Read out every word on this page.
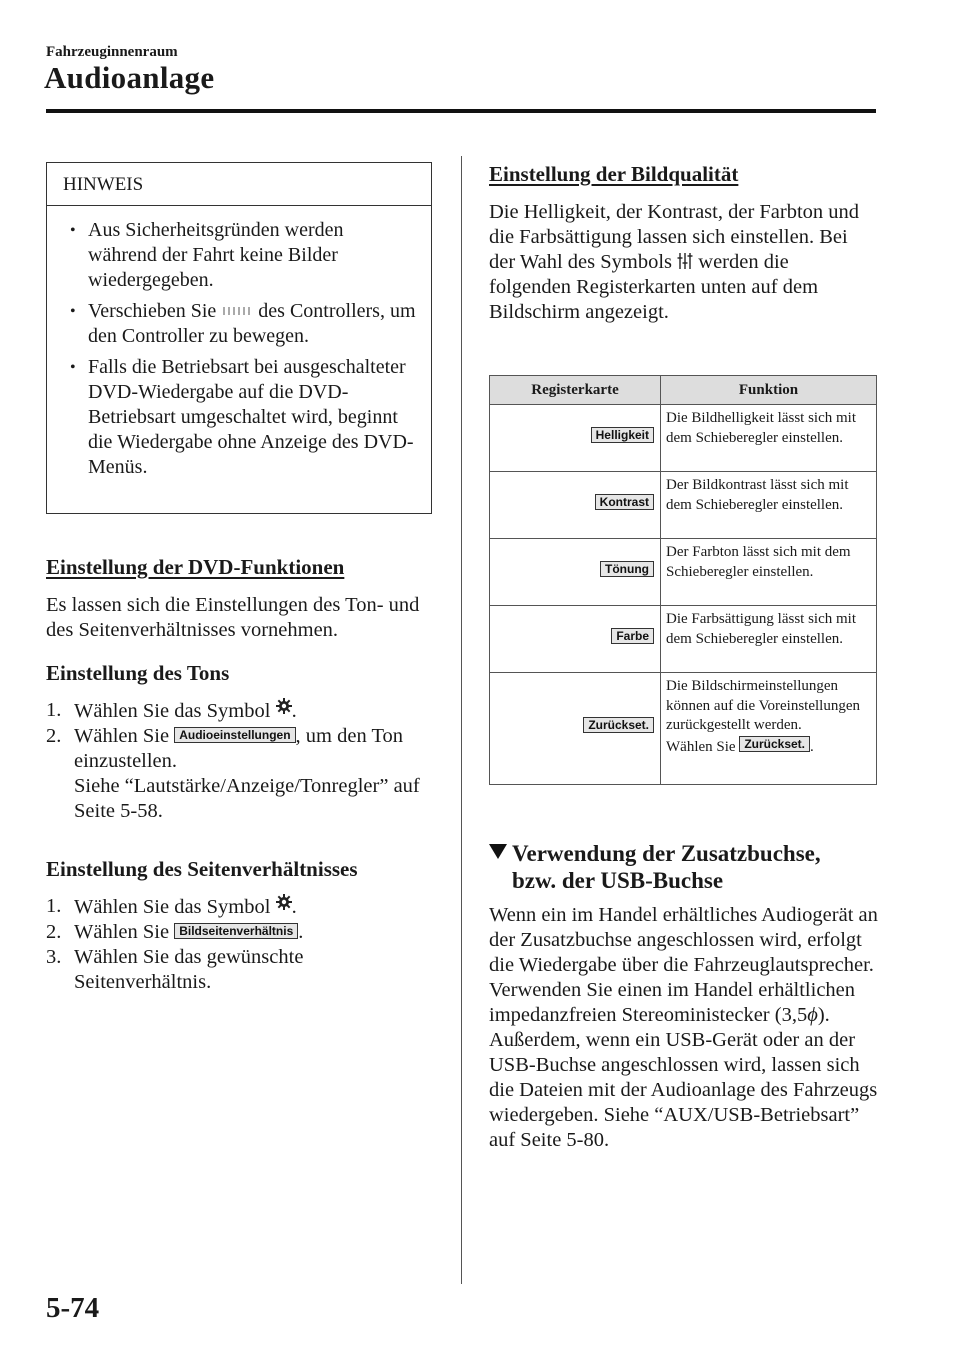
Fahrzeuginnenraum
Audioanlage
HINWEIS
• Aus Sicherheitsgründen werden während der Fahrt keine Bilder wiedergegeben.
• Verschieben Sie des Controllers, um den Controller zu bewegen.
• Falls die Betriebsart bei ausgeschalteter DVD-Wiedergabe auf die DVD-Betriebsart umgeschaltet wird, beginnt die Wiedergabe ohne Anzeige des DVD-Menüs.
Einstellung der DVD-Funktionen

Es lassen sich die Einstellungen des Ton- und des Seitenverhältnisses vornehmen.

Einstellung des Tons
1. Wählen Sie das Symbol .
2. Wählen Sie Audioeinstellungen , um den Ton einzustellen.
Siehe “Lautstärke/Anzeige/Tonregler” auf Seite 5-58.
Einstellung des Seitenverhältnisses
1. Wählen Sie das Symbol .
2. Wählen Sie Bildseitenverhältnis .
3. Wählen Sie das gewünschte Seitenverhältnis.
Einstellung der Bildqualität

Die Helligkeit, der Kontrast, der Farbton und die Farbsättigung lassen sich einstellen. Bei der Wahl des Symbols werden die folgenden Registerkarten unten auf dem Bildschirm angezeigt.

Registerkarte	Funktion
Helligkeit	Die Bildhelligkeit lässt sich mit dem Schieberegler einstellen.
Kontrast	Der Bildkontrast lässt sich mit dem Schieberegler einstellen.
Tönung	Der Farbton lässt sich mit dem Schieberegler einstellen.
Farbe	Die Farbsättigung lässt sich mit dem Schieberegler einstellen.
Zurückset.	Die Bildschirmeinstellungen können auf die Voreinstellungen zurückgestellt werden.
Wählen Sie Zurückset. .
Verwendung der Zusatzbuchse,
bzw. der USB-Buchse

Wenn ein im Handel erhältliches Audiogerät an der Zusatzbuchse angeschlossen wird, erfolgt die Wiedergabe über die Fahrzeuglautsprecher. Verwenden Sie einen im Handel erhältlichen impedanzfreien Stereoministecker (3,5ϕ). Außerdem, wenn ein USB-Gerät oder an der USB-Buchse angeschlossen wird, lassen sich die Dateien mit der Audioanlage des Fahrzeugs wiedergeben. Siehe “AUX/USB-Betriebsart” auf Seite 5-80.

5-74
